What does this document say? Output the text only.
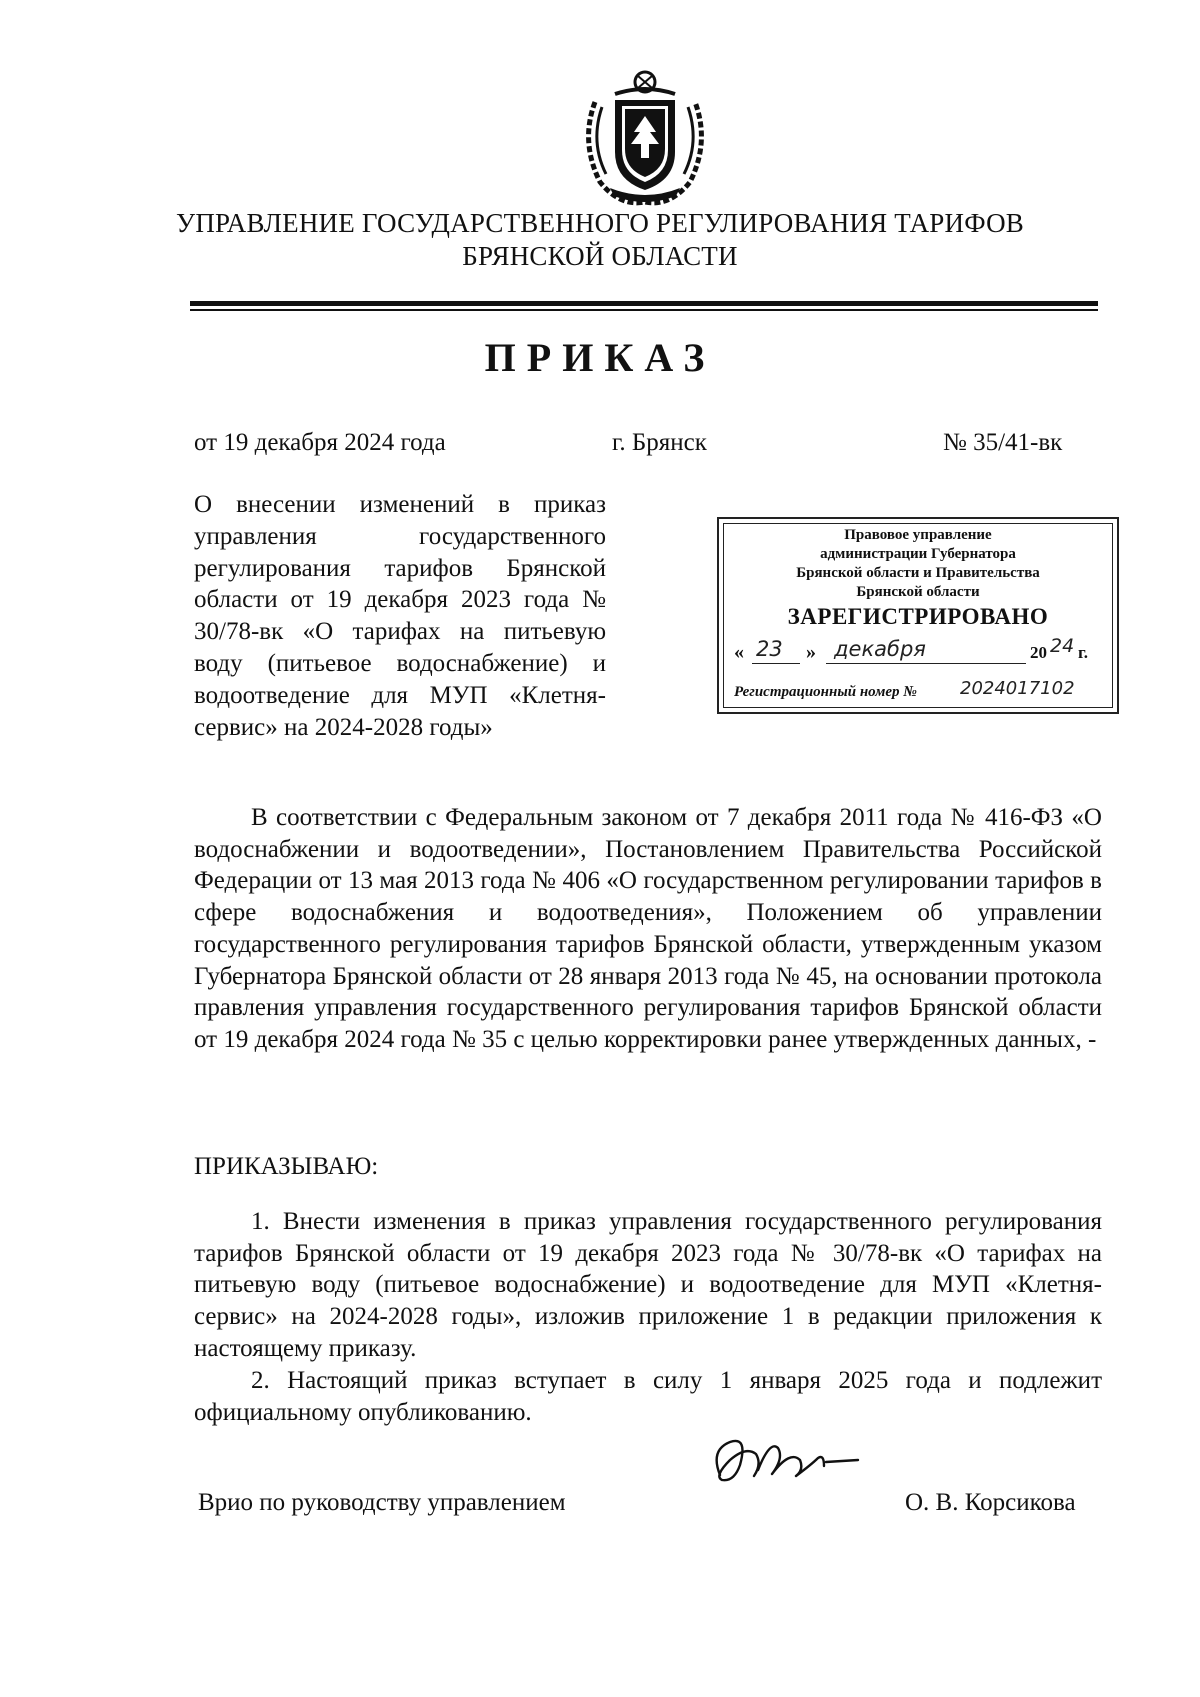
УПРАВЛЕНИЕ ГОСУДАРСТВЕННОГО РЕГУЛИРОВАНИЯ ТАРИФОВ
БРЯНСКОЙ ОБЛАСТИ
ПРИКАЗ
от 19 декабря 2024 года	г. Брянск	№ 35/41-вк
О внесении изменений в приказ управления государственного регулирования тарифов Брянской области от 19 декабря 2023 года № 30/78-вк «О тарифах на питьевую воду (питьевое водоснабжение) и водоотведение для МУП «Клетня-сервис» на 2024-2028 годы»
Правовое управление
администрации Губернатора
Брянской области и Правительства
Брянской области
ЗАРЕГИСТРИРОВАНО
« 23 » декабря	20 24 г.
Регистрационный номер № 2024017102
В соответствии с Федеральным законом от 7 декабря 2011 года № 416-ФЗ «О водоснабжении и водоотведении», Постановлением Правительства Российской Федерации от 13 мая 2013 года № 406 «О государственном регулировании тарифов в сфере водоснабжения и водоотведения», Положением об управлении государственного регулирования тарифов Брянской области, утвержденным указом Губернатора Брянской области от 28 января 2013 года № 45, на основании протокола правления управления государственного регулирования тарифов Брянской области от 19 декабря 2024 года № 35 с целью корректировки ранее утвержденных данных, -
ПРИКАЗЫВАЮ:
1. Внести изменения в приказ управления государственного регулирования тарифов Брянской области от 19 декабря 2023 года № 30/78-вк «О тарифах на питьевую воду (питьевое водоснабжение) и водоотведение для МУП «Клетня-сервис» на 2024-2028 годы», изложив приложение 1 в редакции приложения к настоящему приказу.
2. Настоящий приказ вступает в силу 1 января 2025 года и подлежит официальному опубликованию.
Врио по руководству управлением	О. В. Корсикова
